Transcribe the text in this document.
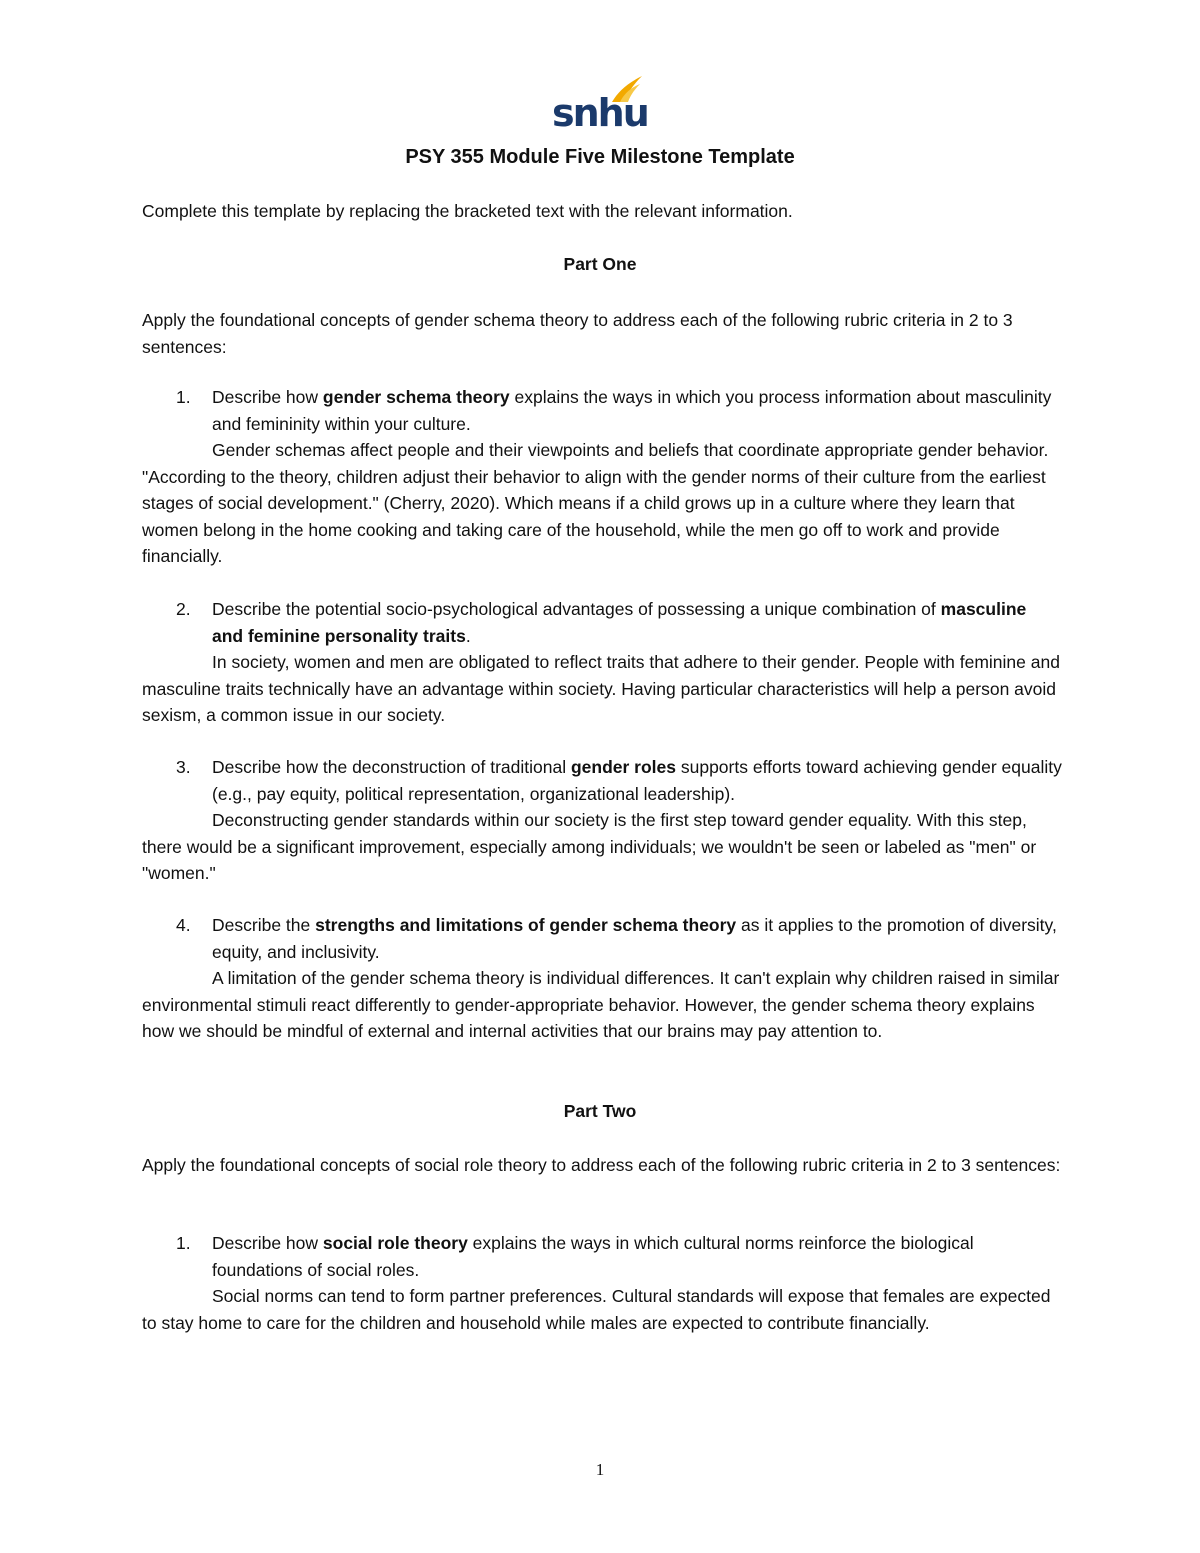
snhu
PSY 355 Module Five Milestone Template

Complete this template by replacing the bracketed text with the relevant information.

Part One

Apply the foundational concepts of gender schema theory to address each of the following rubric criteria in 2 to 3 sentences:

1. Describe how gender schema theory explains the ways in which you process information about masculinity and femininity within your culture.
Gender schemas affect people and their viewpoints and beliefs that coordinate appropriate gender behavior. "According to the theory, children adjust their behavior to align with the gender norms of their culture from the earliest stages of social development." (Cherry, 2020). Which means if a child grows up in a culture where they learn that women belong in the home cooking and taking care of the household, while the men go off to work and provide financially.
2. Describe the potential socio-psychological advantages of possessing a unique combination of masculine and feminine personality traits.
In society, women and men are obligated to reflect traits that adhere to their gender. People with feminine and masculine traits technically have an advantage within society. Having particular characteristics will help a person avoid sexism, a common issue in our society.
3. Describe how the deconstruction of traditional gender roles supports efforts toward achieving gender equality (e.g., pay equity, political representation, organizational leadership).
Deconstructing gender standards within our society is the first step toward gender equality. With this step, there would be a significant improvement, especially among individuals; we wouldn't be seen or labeled as "men" or "women."
4. Describe the strengths and limitations of gender schema theory as it applies to the promotion of diversity, equity, and inclusivity.
A limitation of the gender schema theory is individual differences. It can't explain why children raised in similar environmental stimuli react differently to gender-appropriate behavior. However, the gender schema theory explains how we should be mindful of external and internal activities that our brains may pay attention to.

Part Two

Apply the foundational concepts of social role theory to address each of the following rubric criteria in 2 to 3 sentences:

1. Describe how social role theory explains the ways in which cultural norms reinforce the biological foundations of social roles.
Social norms can tend to form partner preferences. Cultural standards will expose that females are expected to stay home to care for the children and household while males are expected to contribute financially.
1
